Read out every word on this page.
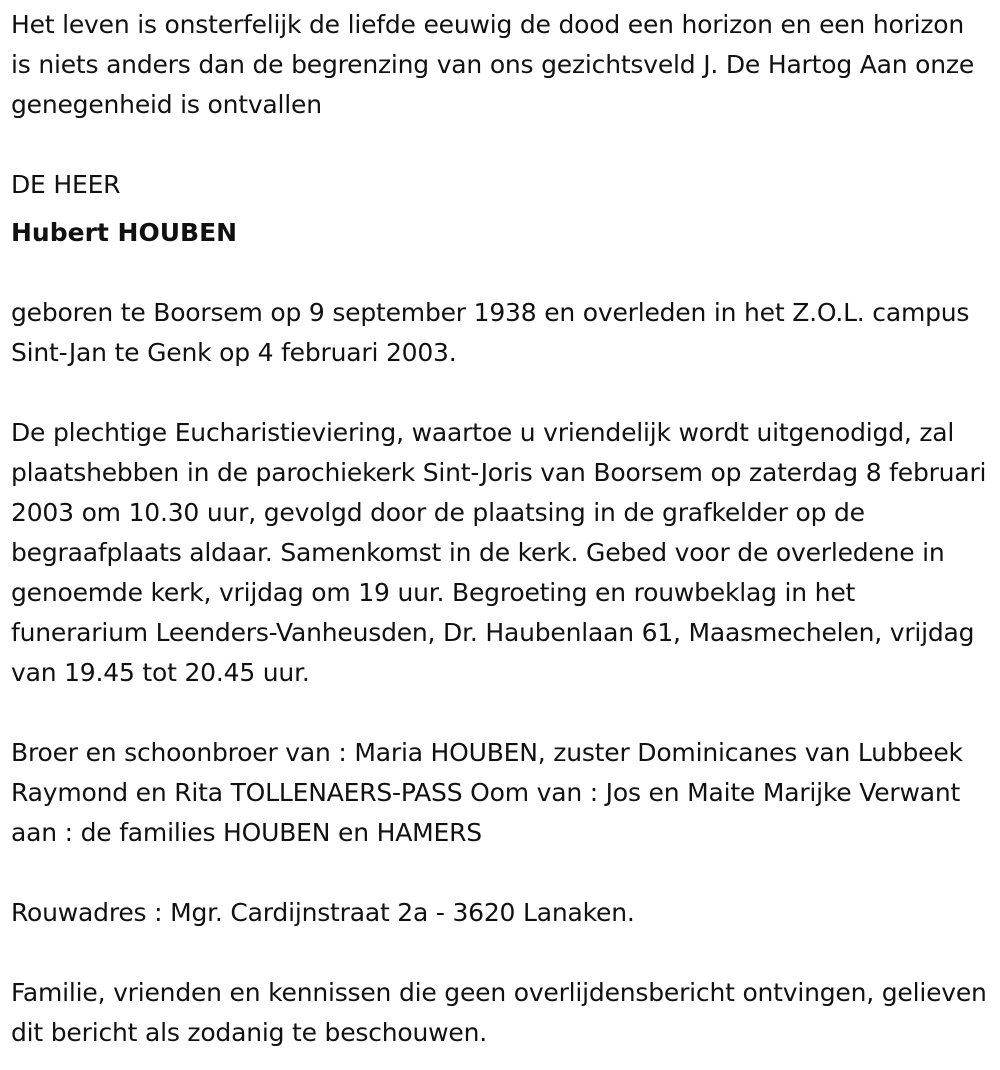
Het leven is onsterfelijk de liefde eeuwig de dood een horizon en een horizon is niets anders dan de begrenzing van ons gezichtsveld J. De Hartog Aan onze genegenheid is ontvallen

DE HEER

Hubert HOUBEN

geboren te Boorsem op 9 september 1938 en overleden in het Z.O.L. campus Sint-Jan te Genk op 4 februari 2003.

De plechtige Eucharistieviering, waartoe u vriendelijk wordt uitgenodigd, zal plaatshebben in de parochiekerk Sint-Joris van Boorsem op zaterdag 8 februari 2003 om 10.30 uur, gevolgd door de plaatsing in de grafkelder op de begraafplaats aldaar. Samenkomst in de kerk. Gebed voor de overledene in genoemde kerk, vrijdag om 19 uur. Begroeting en rouwbeklag in het funerarium Leenders-Vanheusden, Dr. Haubenlaan 61, Maasmechelen, vrijdag van 19.45 tot 20.45 uur.

Broer en schoonbroer van : Maria HOUBEN, zuster Dominicanes van Lubbeek Raymond en Rita TOLLENAERS-PASS Oom van : Jos en Maite Marijke Verwant aan : de families HOUBEN en HAMERS

Rouwadres : Mgr. Cardijnstraat 2a - 3620 Lanaken.

Familie, vrienden en kennissen die geen overlijdensbericht ontvingen, gelieven dit bericht als zodanig te beschouwen.
